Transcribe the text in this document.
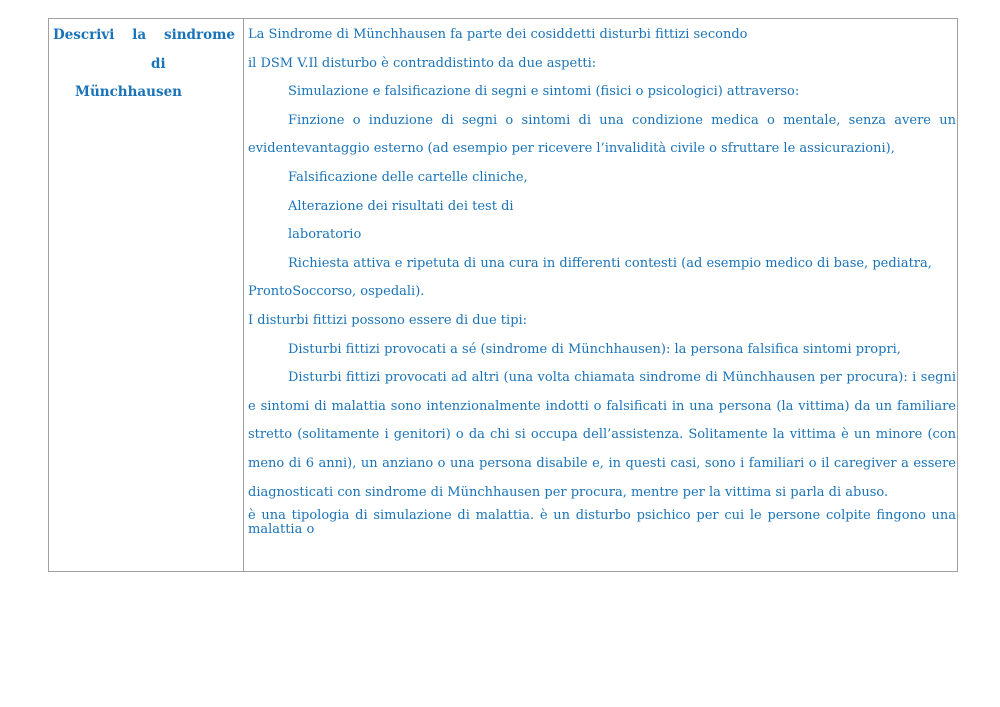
Descrivi la sindrome
di
Münchhausen

La Sindrome di Münchhausen fa parte dei cosiddetti disturbi fittizi secondo

il DSM V.Il disturbo è contraddistinto da due aspetti:

Simulazione e falsificazione di segni e sintomi (fisici o psicologici) attraverso:

Finzione o induzione di segni o sintomi di una condizione medica o mentale, senza avere un evidentevantaggio esterno (ad esempio per ricevere l’invalidità civile o sfruttare le assicurazioni),

Falsificazione delle cartelle cliniche,

Alterazione dei risultati dei test di

laboratorio

Richiesta attiva e ripetuta di una cura in differenti contesti (ad esempio medico di base, pediatra, ProntoSoccorso, ospedali).

I disturbi fittizi possono essere di due tipi:

Disturbi fittizi provocati a sé (sindrome di Münchhausen): la persona falsifica sintomi propri,

Disturbi fittizi provocati ad altri (una volta chiamata sindrome di Münchhausen per procura): i segni e sintomi di malattia sono intenzionalmente indotti o falsificati in una persona (la vittima) da un familiare stretto (solitamente i genitori) o da chi si occupa dell’assistenza. Solitamente la vittima è un minore (con meno di 6 anni), un anziano o una persona disabile e, in questi casi, sono i familiari o il caregiver a essere diagnosticati con sindrome di Münchhausen per procura, mentre per la vittima si parla di abuso.

è una tipologia di simulazione di malattia. è un disturbo psichico per cui le persone colpite fingono una malattia o
